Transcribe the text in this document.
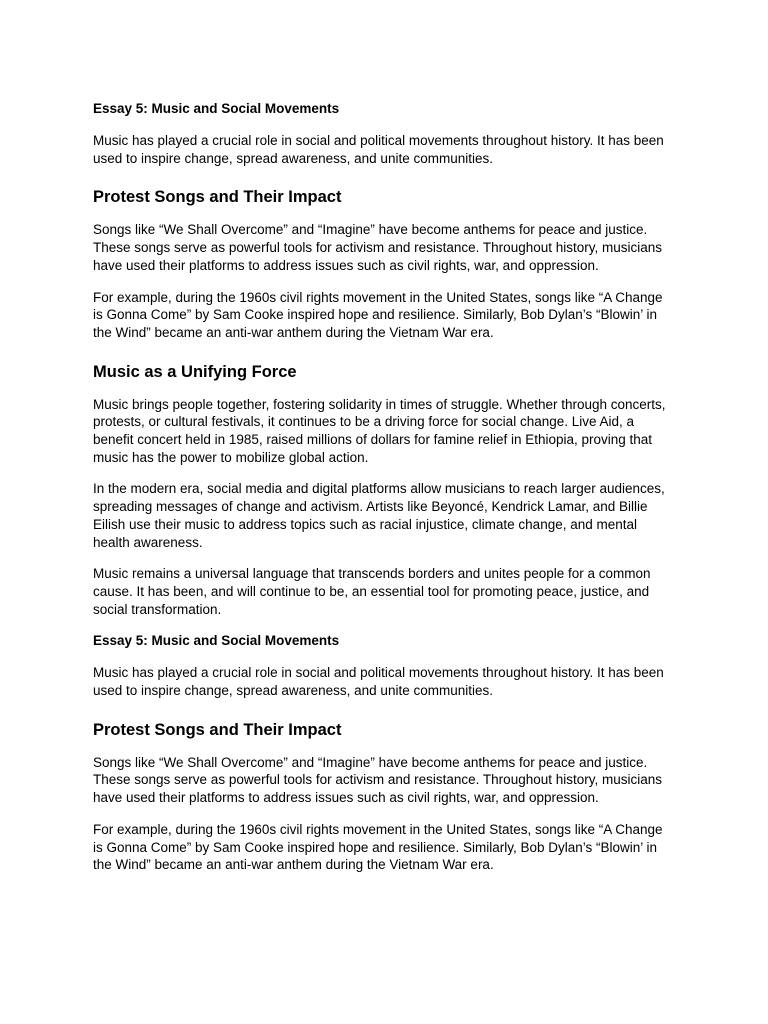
Essay 5: Music and Social Movements

Music has played a crucial role in social and political movements throughout history. It has been used to inspire change, spread awareness, and unite communities.

Protest Songs and Their Impact

Songs like “We Shall Overcome” and “Imagine” have become anthems for peace and justice. These songs serve as powerful tools for activism and resistance. Throughout history, musicians have used their platforms to address issues such as civil rights, war, and oppression.

For example, during the 1960s civil rights movement in the United States, songs like “A Change is Gonna Come” by Sam Cooke inspired hope and resilience. Similarly, Bob Dylan’s “Blowin’ in the Wind” became an anti-war anthem during the Vietnam War era.

Music as a Unifying Force

Music brings people together, fostering solidarity in times of struggle. Whether through concerts, protests, or cultural festivals, it continues to be a driving force for social change. Live Aid, a benefit concert held in 1985, raised millions of dollars for famine relief in Ethiopia, proving that music has the power to mobilize global action.

In the modern era, social media and digital platforms allow musicians to reach larger audiences, spreading messages of change and activism. Artists like Beyoncé, Kendrick Lamar, and Billie Eilish use their music to address topics such as racial injustice, climate change, and mental health awareness.

Music remains a universal language that transcends borders and unites people for a common cause. It has been, and will continue to be, an essential tool for promoting peace, justice, and social transformation.

Essay 5: Music and Social Movements

Music has played a crucial role in social and political movements throughout history. It has been used to inspire change, spread awareness, and unite communities.

Protest Songs and Their Impact

Songs like “We Shall Overcome” and “Imagine” have become anthems for peace and justice. These songs serve as powerful tools for activism and resistance. Throughout history, musicians have used their platforms to address issues such as civil rights, war, and oppression.

For example, during the 1960s civil rights movement in the United States, songs like “A Change is Gonna Come” by Sam Cooke inspired hope and resilience. Similarly, Bob Dylan’s “Blowin’ in the Wind” became an anti-war anthem during the Vietnam War era.
